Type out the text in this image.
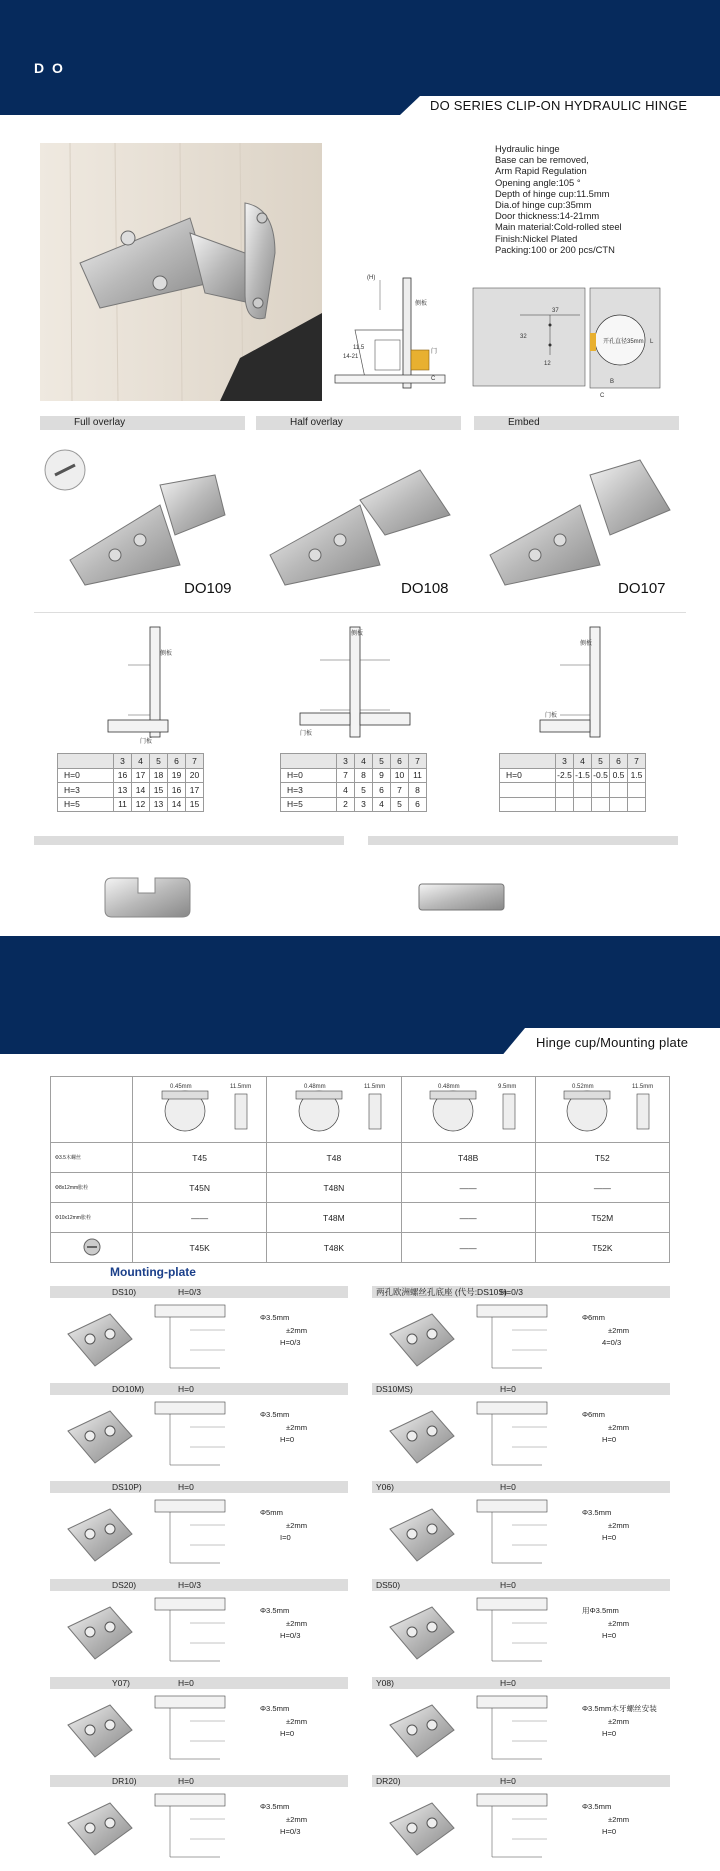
D O
DO SERIES CLIP-ON HYDRAULIC HINGE
Hydraulic hinge
Base can be removed,
Arm Rapid Regulation
Opening angle:105 °
Depth of hinge cup:11.5mm
Dia.of hinge cup:35mm
Door thickness:14-21mm
Main material:Cold-rolled steel
Finish:Nickel Plated
Packing:100 or 200 pcs/CTN
(H)
侧板
门
11.5
14-21
C
37
32
12
开孔直径35mm L
B
C
Full overlay	Half overlay	Embed
DO109	DO108	DO107
侧板
门板
侧板
门板
侧板
门板
	3	4	5	6	7
H=0	16	17	18	19	20
H=3	13	14	15	16	17
H=5	11	12	13	14	15
	3	4	5	6	7
H=0	7	8	9	10	11
H=3	4	5	6	7	8
H=5	2	3	4	5	6
	3	4	5	6	7
H=0	-2.5	-1.5	-0.5	0.5	1.5

Hinge cup/Mounting plate

0.45mm 11.5mm	0.48mm 11.5mm	0.48mm 9.5mm	0.52mm 11.5mm

Φ3.5木螺丝	T45	T48	T48B	T52
Φ8x12mm胀栓	T45N	T48N	——	——
Φ10x12mm胀栓	——	T48M	——	T52M
	T45K	T48K	——	T52K
Mounting-plate
DS10)	H=0/3
Φ3.5mm
±2mm
H=0/3
两孔欧洲螺丝孔底座 (代号:DS10S)
H=0/3
Φ6mm
±2mm
4=0/3
DO10M)	H=0
Φ3.5mm
±2mm
H=0
DS10MS)	H=0
Φ6mm
±2mm
H=0
DS10P)	H=0
Φ5mm
±2mm
I=0
Y06)	H=0
Φ3.5mm
±2mm
H=0
DS20)	H=0/3
Φ3.5mm
±2mm
H=0/3
DS50)	H=0
用Φ3.5mm
±2mm
H=0
Y07)	H=0
Φ3.5mm
±2mm
H=0
Y08)	H=0
Φ3.5mm木牙螺丝安装
±2mm
H=0
DR10)	H=0
Φ3.5mm
±2mm
H=0/3
DR20)	H=0
Φ3.5mm
±2mm
H=0
